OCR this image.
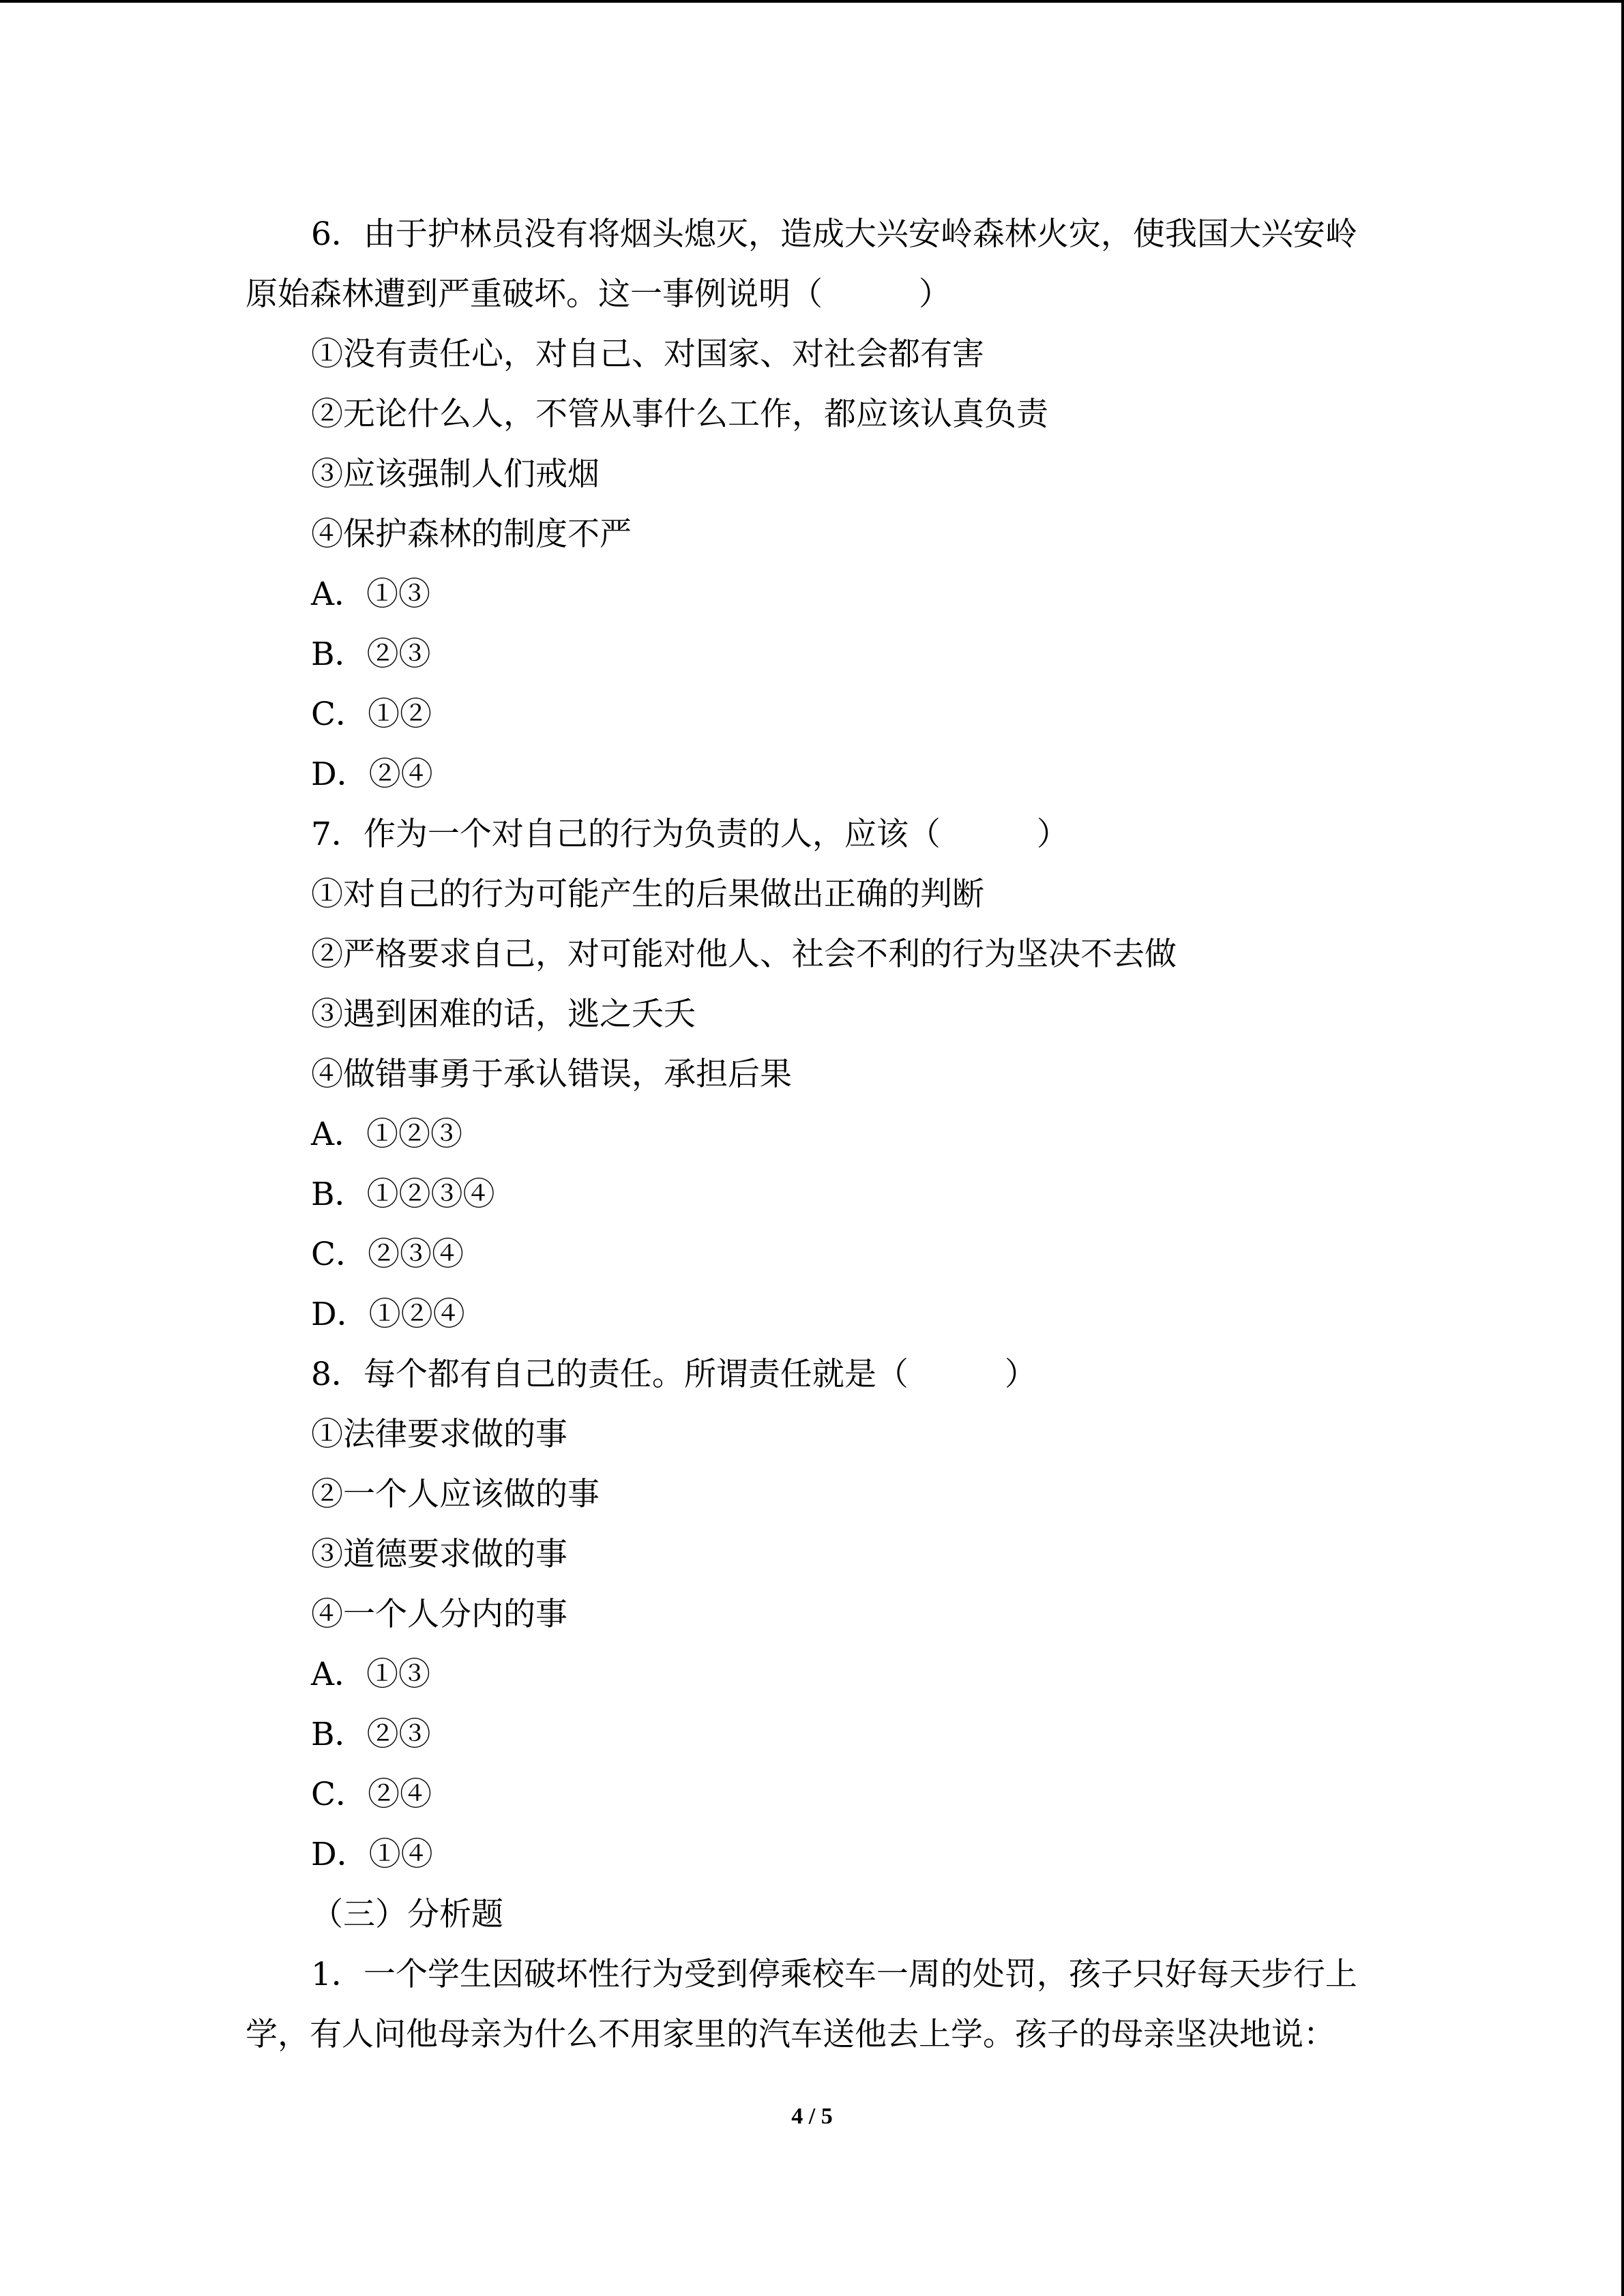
6．由于护林员没有将烟头熄灭，造成大兴安岭森林火灾，使我国大兴安岭
原始森林遭到严重破坏。这一事例说明（　　　）
①没有责任心，对自己、对国家、对社会都有害
②无论什么人，不管从事什么工作，都应该认真负责
③应该强制人们戒烟
④保护森林的制度不严
A．①③
B．②③
C．①②
D．②④
7．作为一个对自己的行为负责的人，应该（　　　）
①对自己的行为可能产生的后果做出正确的判断
②严格要求自己，对可能对他人、社会不利的行为坚决不去做
③遇到困难的话，逃之夭夭
④做错事勇于承认错误，承担后果
A．①②③
B．①②③④
C．②③④
D．①②④
8．每个都有自己的责任。所谓责任就是（　　　）
①法律要求做的事
②一个人应该做的事
③道德要求做的事
④一个人分内的事
A．①③
B．②③
C．②④
D．①④
（三）分析题
1．一个学生因破坏性行为受到停乘校车一周的处罚，孩子只好每天步行上
学，有人问他母亲为什么不用家里的汽车送他去上学。孩子的母亲坚决地说：
4 / 5
